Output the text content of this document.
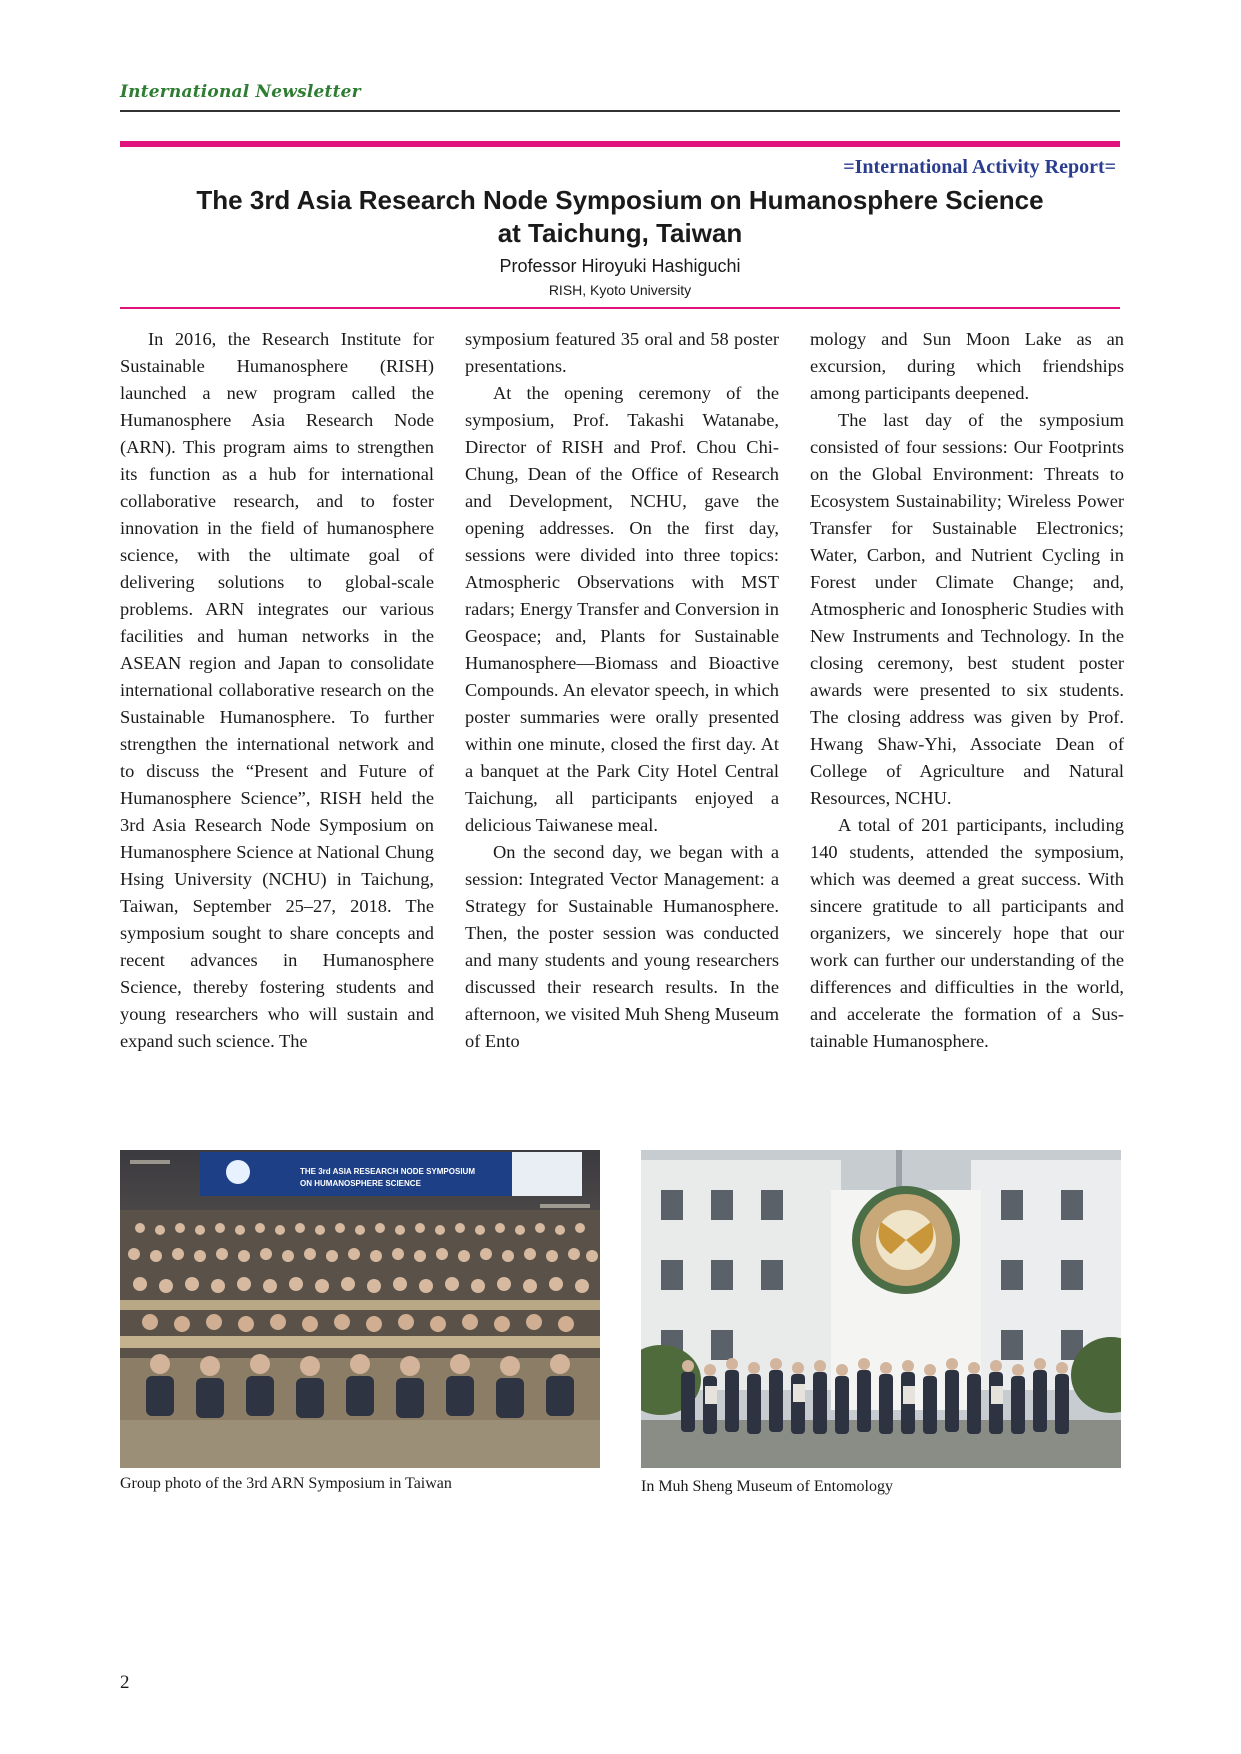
International Newsletter
=International Activity Report=
The 3rd Asia Research Node Symposium on Humanosphere Science
at Taichung, Taiwan
Professor Hiroyuki Hashiguchi
RISH, Kyoto University

In 2016, the Research Institute for Sustainable Humanosphere (RISH) launched a new program called the Humanosphere Asia Research Node (ARN). This program aims to strengthen its function as a hub for international collaborative research, and to foster innovation in the field of humanosphere science, with the ultimate goal of delivering solutions to global-scale problems. ARN integrates our various facilities and human networks in the ASEAN region and Japan to consolidate international collaborative research on the Sustainable Humanosphere. To further strengthen the international network and to discuss the “Present and Future of Humanosphere Science”, RISH held the 3rd Asia Research Node Symposium on Humanosphere Science at National Chung Hsing University (NCHU) in Taichung, Taiwan, September 25–27, 2018. The symposium sought to share concepts and recent advances in Humanosphere Science, thereby fostering students and young researchers who will sustain and expand such science. The

symposium featured 35 oral and 58 poster presentations.

At the opening ceremony of the symposium, Prof. Takashi Watanabe, Director of RISH and Prof. Chou Chi-Chung, Dean of the Office of Research and Development, NCHU, gave the opening addresses. On the first day, sessions were divided into three topics: Atmospheric Observations with MST radars; Energy Transfer and Conversion in Geospace; and, Plants for Sustainable Humanosphere—Biomass and Bioactive Compounds. An elevator speech, in which poster summaries were orally presented within one minute, closed the first day. At a banquet at the Park City Hotel Central Taichung, all participants enjoyed a delicious Taiwanese meal.

On the second day, we began with a session: Integrated Vector Management: a Strategy for Sustainable Humanosphere. Then, the poster session was conducted and many students and young researchers discussed their research results. In the afternoon, we visited Muh Sheng Museum of Ento

mology and Sun Moon Lake as an excursion, during which friendships among participants deepened.

The last day of the symposium consisted of four sessions: Our Footprints on the Global Environment: Threats to Ecosystem Sustainability; Wireless Power Transfer for Sustainable Electronics; Water, Carbon, and Nutrient Cycling in Forest under Climate Change; and, Atmospheric and Ionospheric Studies with New Instruments and Technology. In the closing ceremony, best student poster awards were presented to six students. The closing address was given by Prof. Hwang Shaw-Yhi, Associate Dean of College of Agriculture and Natural Resources, NCHU.

A total of 201 participants, including 140 students, attended the symposium, which was deemed a great success. With sincere gratitude to all participants and organizers, we sincerely hope that our work can further our understanding of the differences and difficulties in the world, and accelerate the formation of a Sustainable Humanosphere.

THE 3rd ASIA RESEARCH NODE SYMPOSIUM
ON HUMANOSPHERE SCIENCE
Group photo of the 3rd ARN Symposium in Taiwan	In Muh Sheng Museum of Entomology
2
